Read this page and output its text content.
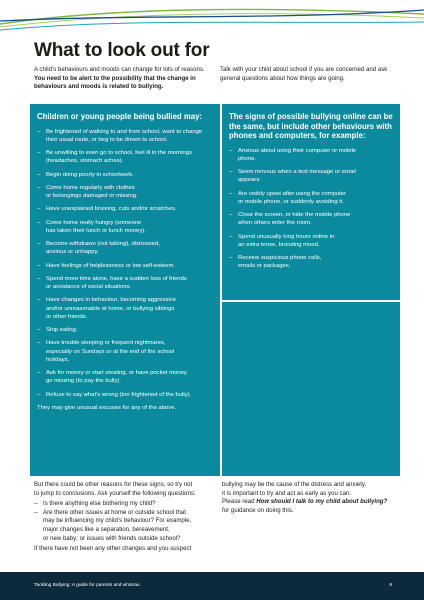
What to look out for
A child’s behaviours and moods can change for lots of reasons. You need to be alert to the possibility that the change in behaviours and moods is related to bullying.
Talk with your child about school if you are concerned and ask general questions about how things are going.
Children or young people being bullied may:
– Be frightened of walking to and from school, want to change their usual route, or beg to be driven to school.
– Be unwilling to even go to school, feel ill in the mornings (headaches, stomach aches).
– Begin doing poorly in schoolwork.
– Come home regularly with clothes
or belongings damaged or missing.
– Have unexplained bruising, cuts and/or scratches.
– Come home really hungry (someone
has taken their lunch or lunch money).
– Become withdrawn (not talking), distressed,
anxious or unhappy.
– Have feelings of helplessness or low self-esteem.
– Spend more time alone, have a sudden loss of friends
or avoidance of social situations.
– Have changes in behaviour, becoming aggressive
and/or unreasonable at home, or bullying siblings
or other friends.
– Stop eating.
– Have trouble sleeping or frequent nightmares,
especially on Sundays or at the end of the school
holidays.
– Ask for money or start stealing, or have pocket money
go missing (to pay the bully).
– Refuse to say what’s wrong (too frightened of the bully).

They may give unusual excuses for any of the above.

The signs of possible bullying online can be the same, but include other behaviours with phones and computers, for example:
– Anxious about using their computer or mobile
phone.
– Seem nervous when a text message or email
appears.
– Are visibly upset after using the computer
or mobile phone, or suddenly avoiding it.
– Close the screen, or hide the mobile phone
when others enter the room.
– Spend unusually long hours online in
an extra tense, brooding mood.
– Receive suspicious phone calls,
emails or packages.

But there could be other reasons for these signs, so try not
to jump to conclusions. Ask yourself the following questions:

– Is there anything else bothering my child?
– Are there other issues at home or outside school that
may be influencing my child’s behaviour? For example,
major changes like a separation, bereavement,
or new baby; or issues with friends outside school?

If there have not been any other changes and you suspect

bullying may be the cause of the distress and anxiety,
it is important to try and act as early as you can.
Please read How should I talk to my child about bullying?
for guidance on doing this.

Tackling Bullying: A guide for parents and whānau	9
